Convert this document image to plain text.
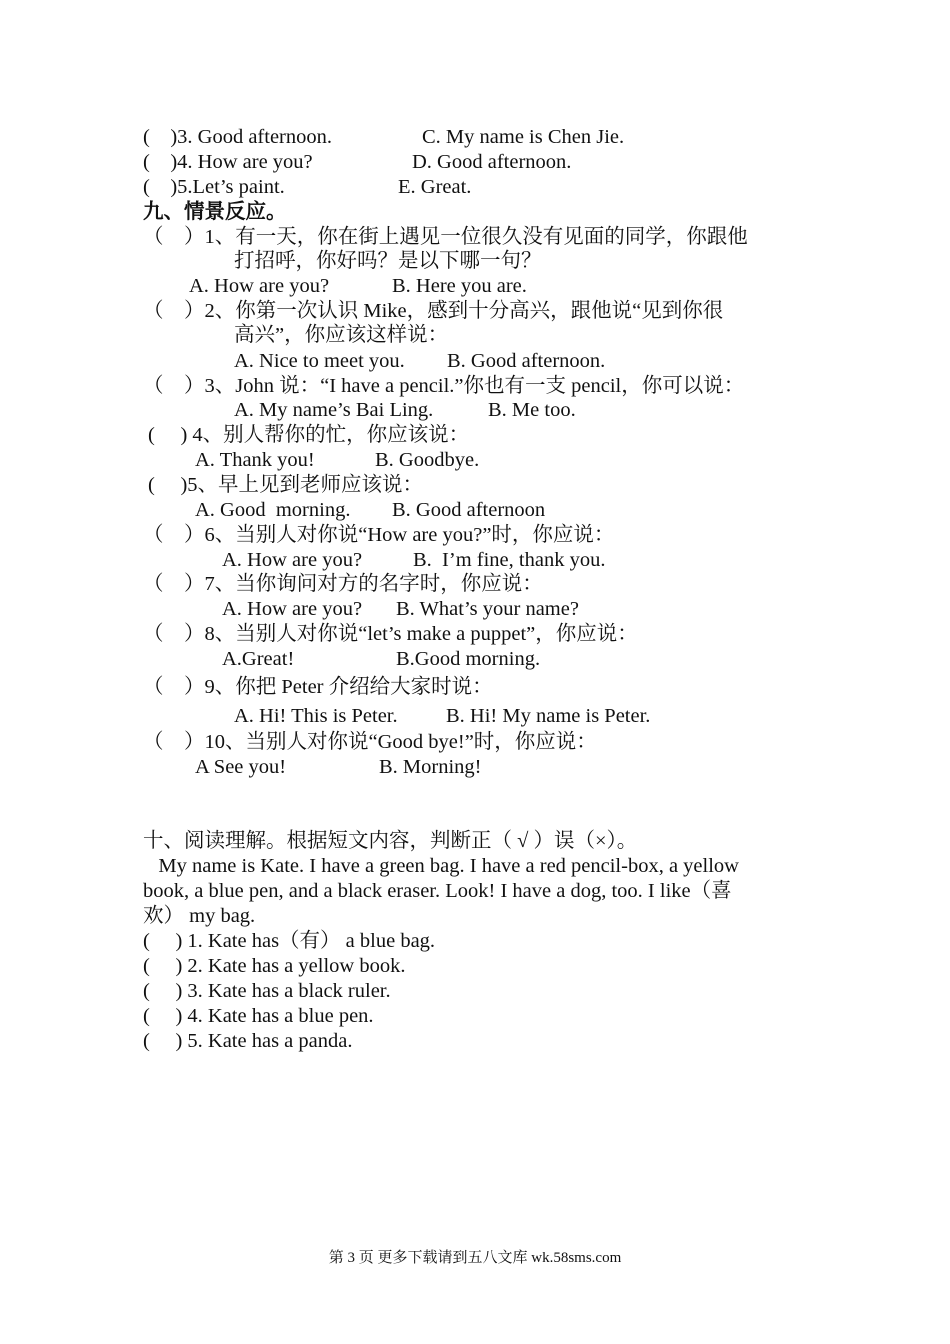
(    )3. Good afternoon.	C. My name is Chen Jie.
(    )4. How are you?	D. Good afternoon.
(    )5.Let’s paint.	E. Great.
九、情景反应。
（    ）1、有一天，你在街上遇见一位很久没有见面的同学，你跟他
打招呼，你好吗？是以下哪一句？
A. How are you?	B. Here you are.
（    ）2、你第一次认识 Mike，感到十分高兴，跟他说“见到你很
高兴”，你应该这样说：
A. Nice to meet you. B. Good afternoon.
（    ）3、John 说：“I have a pencil.”你也有一支 pencil，你可以说：
A. My name’s Bai Ling.	B. Me too.
(     ) 4、别人帮你的忙，你应该说：
A. Thank you!	B. Goodbye.
(     )5、早上见到老师应该说：
A. Good  morning. B. Good afternoon
（    ）6、当别人对你说“How are you?”时，你应说：
A. How are you? B.  I’m fine, thank you.
（    ）7、当你询问对方的名字时，你应说：
A. How are you? B. What’s your name?
（    ）8、当别人对你说“let’s make a puppet”，你应说：
A.Great!	B.Good morning.
（    ）9、你把 Peter 介绍给大家时说：
A. Hi! This is Peter. B. Hi! My name is Peter.
（    ）10、当别人对你说“Good bye!”时，你应说：
A See you!	B. Morning!
十、阅读理解。根据短文内容，判断正（ √ ）误（×）。
My name is Kate. I have a green bag. I have a red pencil-box, a yellow
book, a blue pen, and a black eraser. Look! I have a dog, too. I like（喜
欢） my bag.
(     ) 1. Kate has（有） a blue bag.
(     ) 2. Kate has a yellow book.
(     ) 3. Kate has a black ruler.
(     ) 4. Kate has a blue pen.
(     ) 5. Kate has a panda.
第 3 页 更多下载请到五八文库 wk.58sms.com
